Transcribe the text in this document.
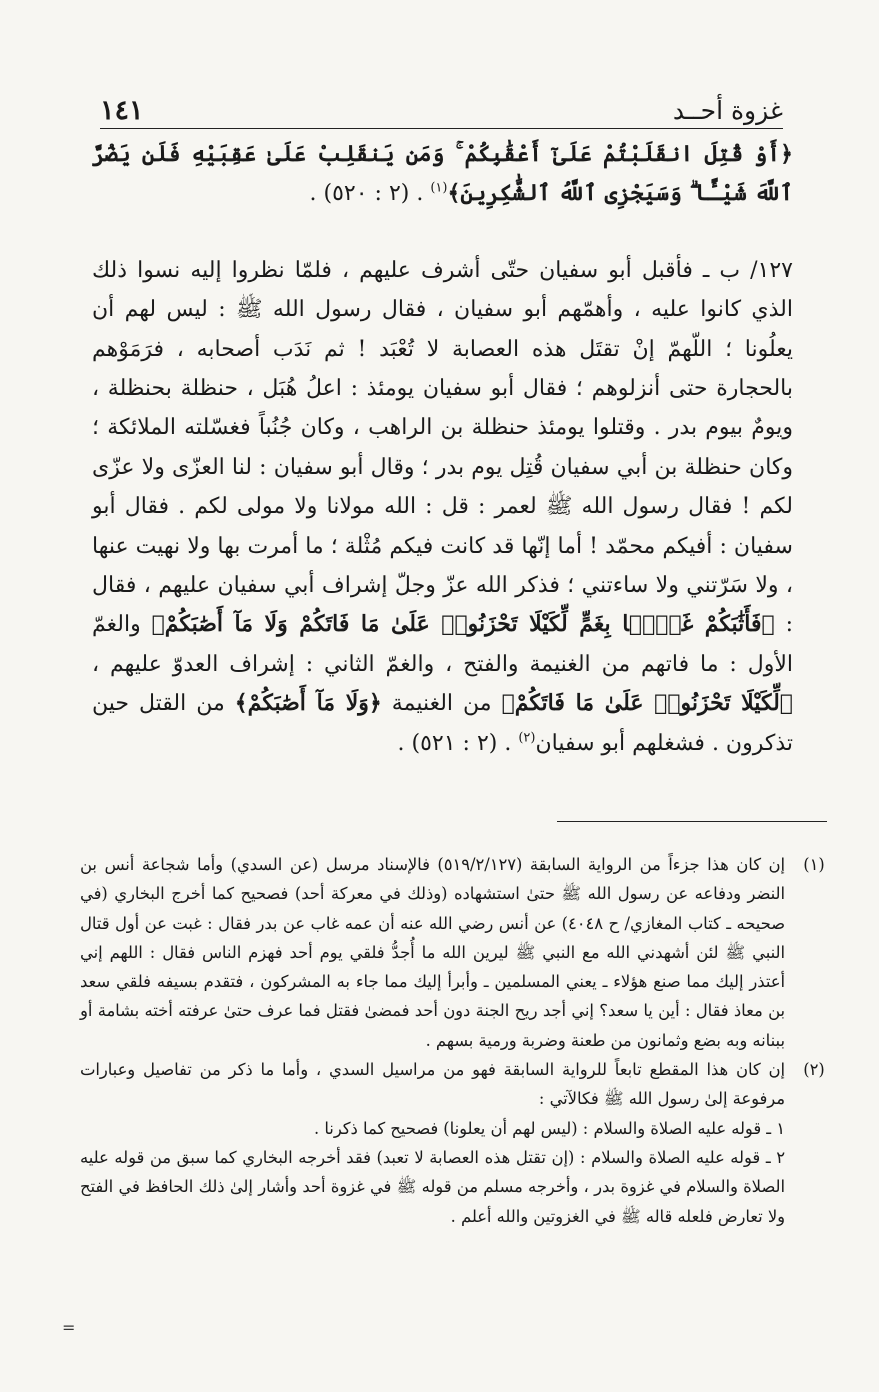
غزوة أحــد
١٤١

﴿أَوْ قُتِلَ انقَلَبْتُمْ عَلَىٰٓ أَعْقَٰبِكُمْ ۚ وَمَن يَنقَلِبْ عَلَىٰ عَقِبَيْهِ فَلَن يَضُرَّ ٱللَّهَ شَيْـًٔا ۗ وَسَيَجْزِى ٱللَّهُ ٱلشَّٰكِرِينَ﴾$^{(١)}$ . (٢ : ٥٢٠) .

١٢٧/ ب ـ فأقبل أبو سفيان حتّى أشرف عليهم ، فلمّا نظروا إليه نسوا ذلك الذي كانوا عليه ، وأهمّهم أبو سفيان ، فقال رسول الله ﷺ : ليس لهم أن يعلُونا ؛ اللّهمّ إنْ تقتَل هذه العصابة لا تُعْبَد ! ثم نَدَب أصحابه ، فرَمَوْهم بالحجارة حتى أنزلوهم ؛ فقال أبو سفيان يومئذ : اعلُ هُبَل ، حنظلة بحنظلة ، ويومٌ بيوم بدر . وقتلوا يومئذ حنظلة بن الراهب ، وكان جُنُباً فغسّلته الملائكة ؛ وكان حنظلة بن أبي سفيان قُتِل يوم بدر ؛ وقال أبو سفيان : لنا العزّى ولا عزّى لكم ! فقال رسول الله ﷺ لعمر : قل : الله مولانا ولا مولى لكم . فقال أبو سفيان : أفيكم محمّد ! أما إنّها قد كانت فيكم مُثْلة ؛ ما أمرت بها ولا نهيت عنها ، ولا سَرّتني ولا ساءتني ؛ فذكر الله عزّ وجلّ إشراف أبي سفيان عليهم ، فقال : ﴿فَأَثَٰبَكُمْ غَمًّۢا بِغَمٍّ لِّكَيْلَا تَحْزَنُوا۟ عَلَىٰ مَا فَاتَكُمْ وَلَا مَآ أَصَٰبَكُمْ﴾ والغمّ الأول : ما فاتهم من الغنيمة والفتح ، والغمّ الثاني : إشراف العدوّ عليهم ، ﴿لِّكَيْلَا تَحْزَنُوا۟ عَلَىٰ مَا فَاتَكُمْ﴾ من الغنيمة ﴿وَلَا مَآ أَصَٰبَكُمْ﴾ من القتل حين تذكرون . فشغلهم أبو سفيان$^{(٢)}$ . (٢ : ٥٢١) .

(١)

إن كان هذا جزءاً من الرواية السابقة (٥١٩/٢/١٢٧) فالإسناد مرسل (عن السدي) وأما شجاعة أنس بن النضر ودفاعه عن رسول الله ﷺ حتىٰ استشهاده (وذلك في معركة أحد) فصحيح كما أخرج البخاري (في صحيحه ـ كتاب المغازي/ ح ٤٠٤٨) عن أنس رضي الله عنه أن عمه غاب عن بدر فقال : غبت عن أول قتال النبي ﷺ لئن أشهدني الله مع النبي ﷺ ليرين الله ما أُجدُّ فلقي يوم أحد فهزم الناس فقال : اللهم إني أعتذر إليك مما صنع هؤلاء ـ يعني المسلمين ـ وأبرأ إليك مما جاء به المشركون ، فتقدم بسيفه فلقي سعد بن معاذ فقال : أين يا سعد؟ إني أجد ريح الجنة دون أحد فمضىٰ فقتل فما عرف حتىٰ عرفته أخته بشامة أو ببنانه وبه بضع وثمانون من طعنة وضربة ورمية بسهم .

(٢)

إن كان هذا المقطع تابعاً للرواية السابقة فهو من مراسيل السدي ، وأما ما ذكر من تفاصيل وعبارات مرفوعة إلىٰ رسول الله ﷺ فكالآتي :

١ ـ قوله عليه الصلاة والسلام : (ليس لهم أن يعلونا) فصحيح كما ذكرنا .

٢ ـ قوله عليه الصلاة والسلام : (إن تقتل هذه العصابة لا تعبد) فقد أخرجه البخاري كما سبق من قوله عليه الصلاة والسلام في غزوة بدر ، وأخرجه مسلم من قوله ﷺ في غزوة أحد وأشار إلىٰ ذلك الحافظ في الفتح ولا تعارض فلعله قاله ﷺ في الغزوتين والله أعلم .

=
